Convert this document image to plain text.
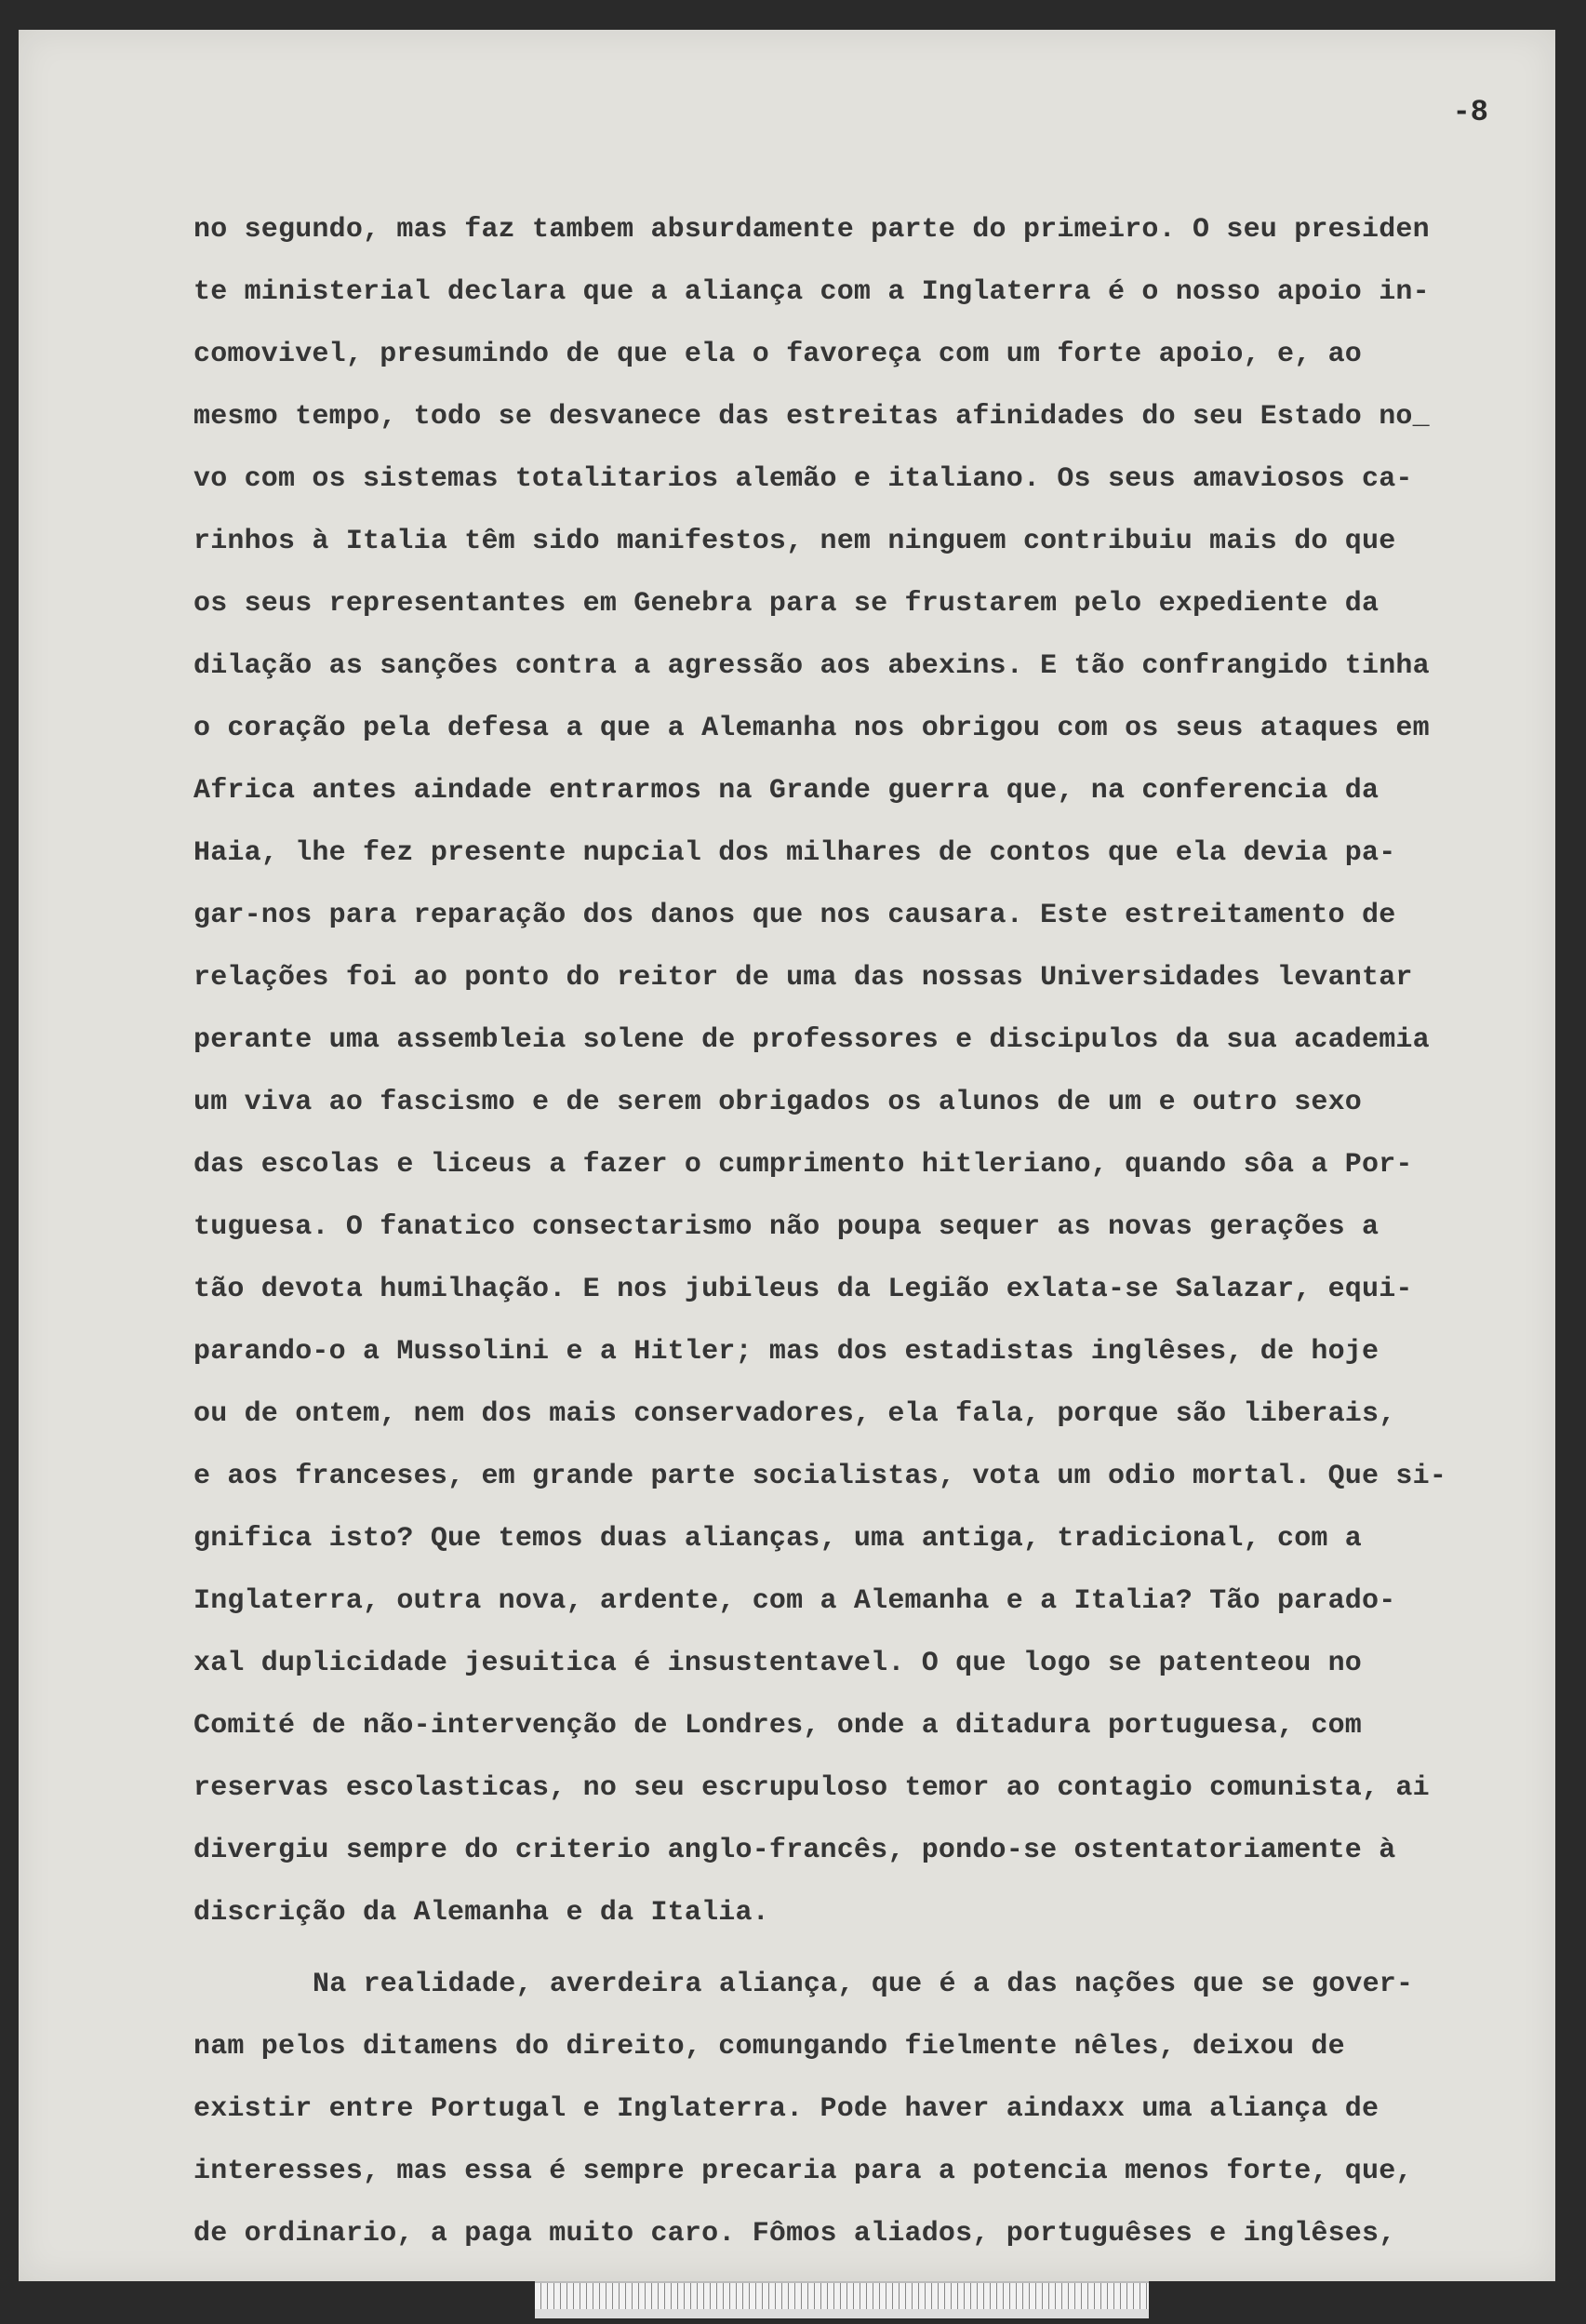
-8
no segundo, mas faz tambem absurdamente parte do primeiro. O seu presiden
te ministerial declara que a aliança com a Inglaterra é o nosso apoio in-
comovivel, presumindo de que ela o favoreça com um forte apoio, e, ao
mesmo tempo, todo se desvanece das estreitas afinidades do seu Estado no_
vo com os sistemas totalitarios alemão e italiano. Os seus amaviosos ca-
rinhos à Italia têm sido manifestos, nem ninguem contribuiu mais do que
os seus representantes em Genebra para se frustarem pelo expediente da
dilação as sanções contra a agressão aos abexins. E tão confrangido tinha
o coração pela defesa a que a Alemanha nos obrigou com os seus ataques em
Africa antes aindade entrarmos na Grande guerra que, na conferencia da
Haia, lhe fez presente nupcial dos milhares de contos que ela devia pa-
gar-nos para reparação dos danos que nos causara. Este estreitamento de
relações foi ao ponto do reitor de uma das nossas Universidades levantar
perante uma assembleia solene de professores e discipulos da sua academia
um viva ao fascismo e de serem obrigados os alunos de um e outro sexo
das escolas e liceus a fazer o cumprimento hitleriano, quando sôa a Por-
tuguesa. O fanatico consectarismo não poupa sequer as novas gerações a
tão devota humilhação. E nos jubileus da Legião exlata-se Salazar, equi-
parando-o a Mussolini e a Hitler; mas dos estadistas inglêses, de hoje
ou de ontem, nem dos mais conservadores, ela fala, porque são liberais,
e aos franceses, em grande parte socialistas, vota um odio mortal. Que si-
gnifica isto? Que temos duas alianças, uma antiga, tradicional, com a
Inglaterra, outra nova, ardente, com a Alemanha e a Italia? Tão parado-
xal duplicidade jesuitica é insustentavel. O que logo se patenteou no
Comité de não-intervenção de Londres, onde a ditadura portuguesa, com
reservas escolasticas, no seu escrupuloso temor ao contagio comunista, ai
divergiu sempre do criterio anglo-francês, pondo-se ostentatoriamente à
discrição da Alemanha e da Italia.
Na realidade, averdeira aliança, que é a das nações que se gover-
nam pelos ditamens do direito, comungando fielmente nêles, deixou de
existir entre Portugal e Inglaterra. Pode haver aindaxx uma aliança de
interesses, mas essa é sempre precaria para a potencia menos forte, que,
de ordinario, a paga muito caro. Fômos aliados, portuguêses e inglêses,
